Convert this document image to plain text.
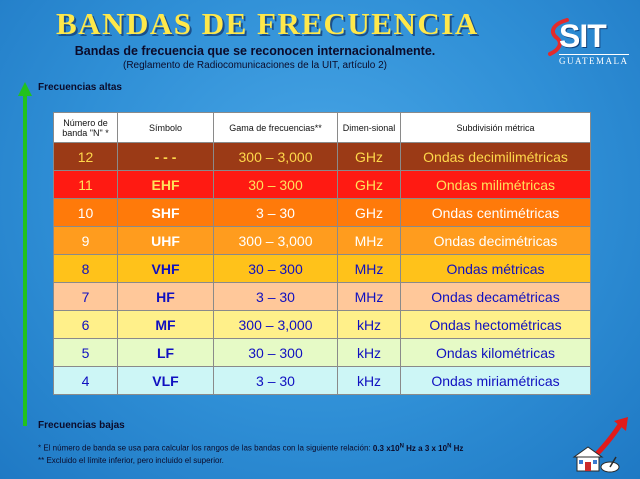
BANDAS DE FRECUENCIA
Bandas de frecuencia que se reconocen internacionalmente.
(Reglamento de Radiocomunicaciones de la UIT, artículo 2)
SIT
GUATEMALA
Frecuencias altas
Frecuencias bajas
Número de banda "N" *	Símbolo	Gama de frecuencias**	Dimen-sional	Subdivisión métrica
12	- - -	300 – 3,000	GHz	Ondas decimilimétricas
11	EHF	30 – 300	GHz	Ondas milimétricas
10	SHF	3 – 30	GHz	Ondas centimétricas
9	UHF	300 – 3,000	MHz	Ondas decimétricas
8	VHF	30 – 300	MHz	Ondas métricas
7	HF	3 – 30	MHz	Ondas decamétricas
6	MF	300 – 3,000	kHz	Ondas hectométricas
5	LF	30 – 300	kHz	Ondas kilométricas
4	VLF	3 – 30	kHz	Ondas miriamétricas
* El número de banda se usa para calcular los rangos de las bandas con la siguiente relación: 0.3 $x10^N$ Hz a 3 x $10^N$ Hz
** Excluido el límite inferior, pero incluido el superior.
